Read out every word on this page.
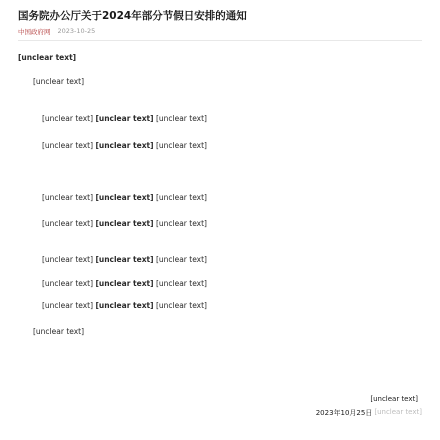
国务院办公厅关于2024年部分节假日安排的通知
中国政府网 2023-10-25
[unclear text]
[unclear text]
[unclear text] [unclear text] [unclear text]
[unclear text] [unclear text] [unclear text]
[unclear text] [unclear text] [unclear text]
[unclear text] [unclear text] [unclear text]
[unclear text] [unclear text] [unclear text]
[unclear text] [unclear text] [unclear text]
[unclear text] [unclear text] [unclear text]
[unclear text]
[unclear text]
2023年10月25日 [unclear text]
